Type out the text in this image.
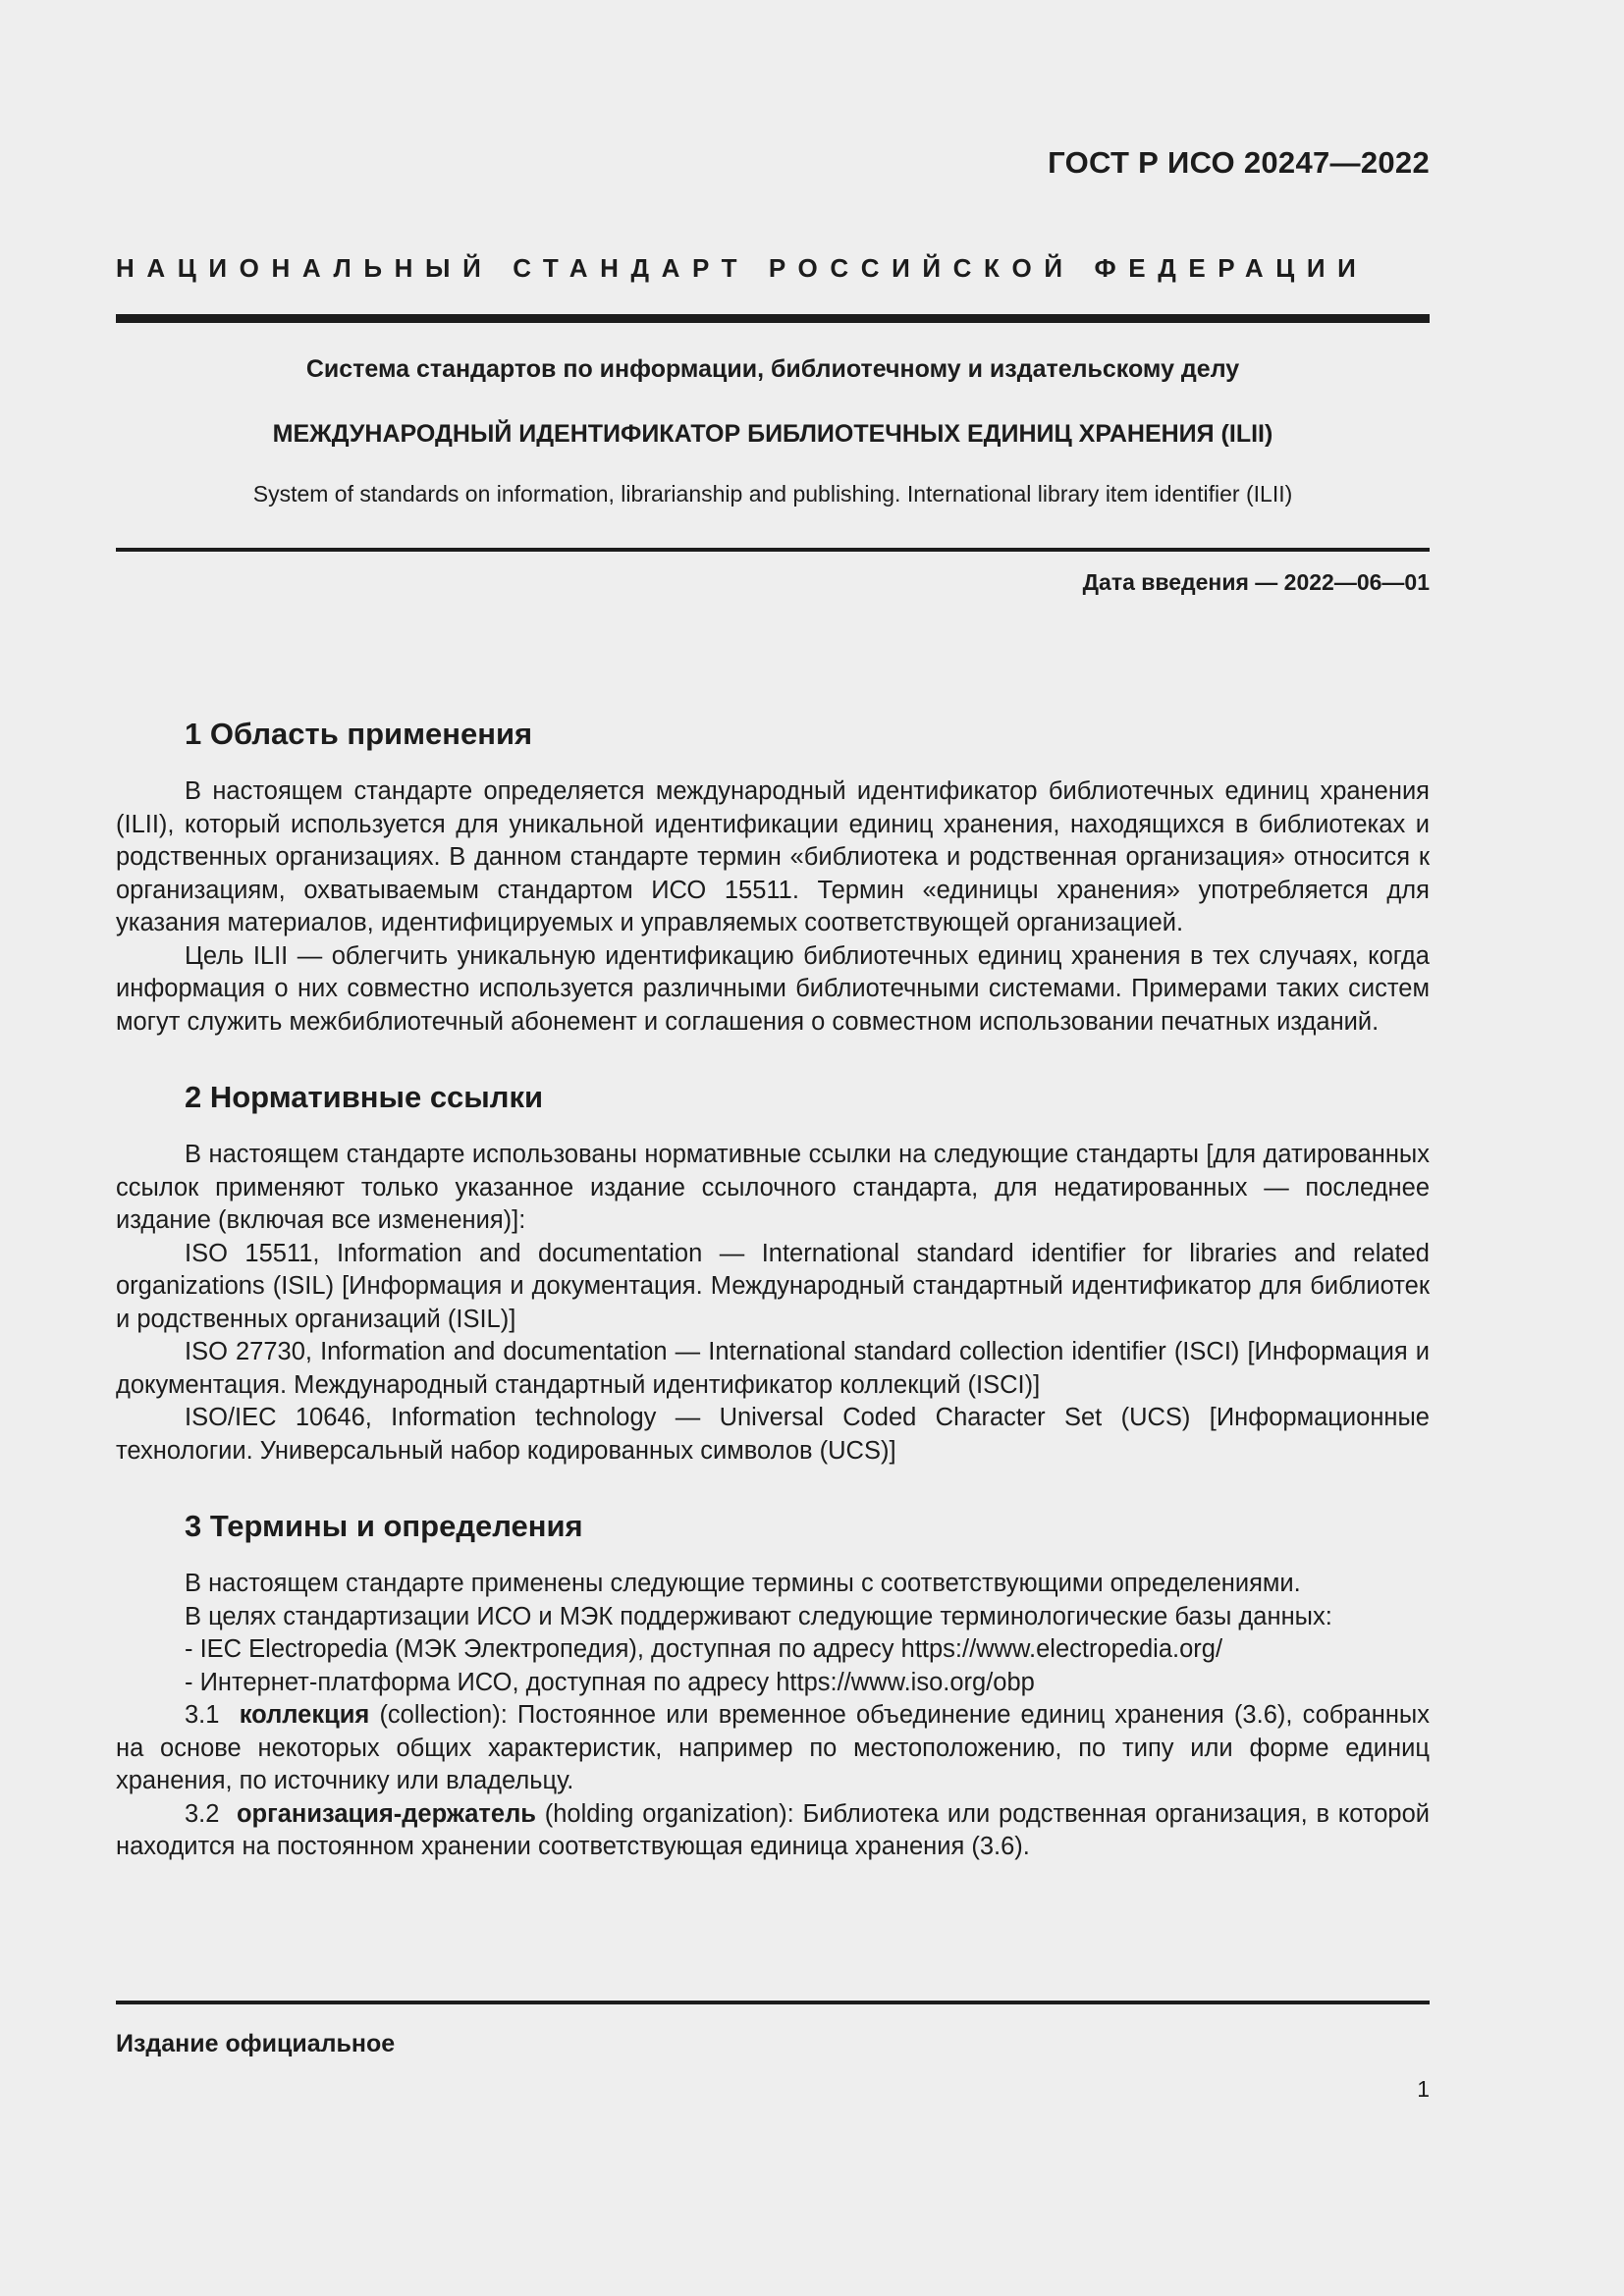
ГОСТ Р ИСО 20247—2022
НАЦИОНАЛЬНЫЙ СТАНДАРТ РОССИЙСКОЙ ФЕДЕРАЦИИ
Система стандартов по информации, библиотечному и издательскому делу
МЕЖДУНАРОДНЫЙ ИДЕНТИФИКАТОР БИБЛИОТЕЧНЫХ ЕДИНИЦ ХРАНЕНИЯ (ILII)
System of standards on information, librarianship and publishing. International library item identifier (ILII)
Дата введения — 2022—06—01
1 Область применения

В настоящем стандарте определяется международный идентификатор библиотечных единиц хранения (ILII), который используется для уникальной идентификации единиц хранения, находящихся в библиотеках и родственных организациях. В данном стандарте термин «библиотека и родственная организация» относится к организациям, охватываемым стандартом ИСО 15511. Термин «единицы хранения» употребляется для указания материалов, идентифицируемых и управляемых соответствующей организацией.

Цель ILII — облегчить уникальную идентификацию библиотечных единиц хранения в тех случаях, когда информация о них совместно используется различными библиотечными системами. Примерами таких систем могут служить межбиблиотечный абонемент и соглашения о совместном использовании печатных изданий.

2 Нормативные ссылки

В настоящем стандарте использованы нормативные ссылки на следующие стандарты [для датированных ссылок применяют только указанное издание ссылочного стандарта, для недатированных — последнее издание (включая все изменения)]:

ISO 15511, Information and documentation — International standard identifier for libraries and related organizations (ISIL) [Информация и документация. Международный стандартный идентификатор для библиотек и родственных организаций (ISIL)]

ISO 27730, Information and documentation — International standard collection identifier (ISCI) [Информация и документация. Международный стандартный идентификатор коллекций (ISCI)]

ISO/IEC 10646, Information technology — Universal Coded Character Set (UCS) [Информационные технологии. Универсальный набор кодированных символов (UCS)]

3 Термины и определения

В настоящем стандарте применены следующие термины с соответствующими определениями.

В целях стандартизации ИСО и МЭК поддерживают следующие терминологические базы данных:

- IEC Electropedia (МЭК Электропедия), доступная по адресу https://www.electropedia.org/

- Интернет-платформа ИСО, доступная по адресу https://www.iso.org/obp

3.1 коллекция (collection): Постоянное или временное объединение единиц хранения (3.6), собранных на основе некоторых общих характеристик, например по местоположению, по типу или форме единиц хранения, по источнику или владельцу.

3.2 организация-держатель (holding organization): Библиотека или родственная организация, в которой находится на постоянном хранении соответствующая единица хранения (3.6).

Издание официальное
1
